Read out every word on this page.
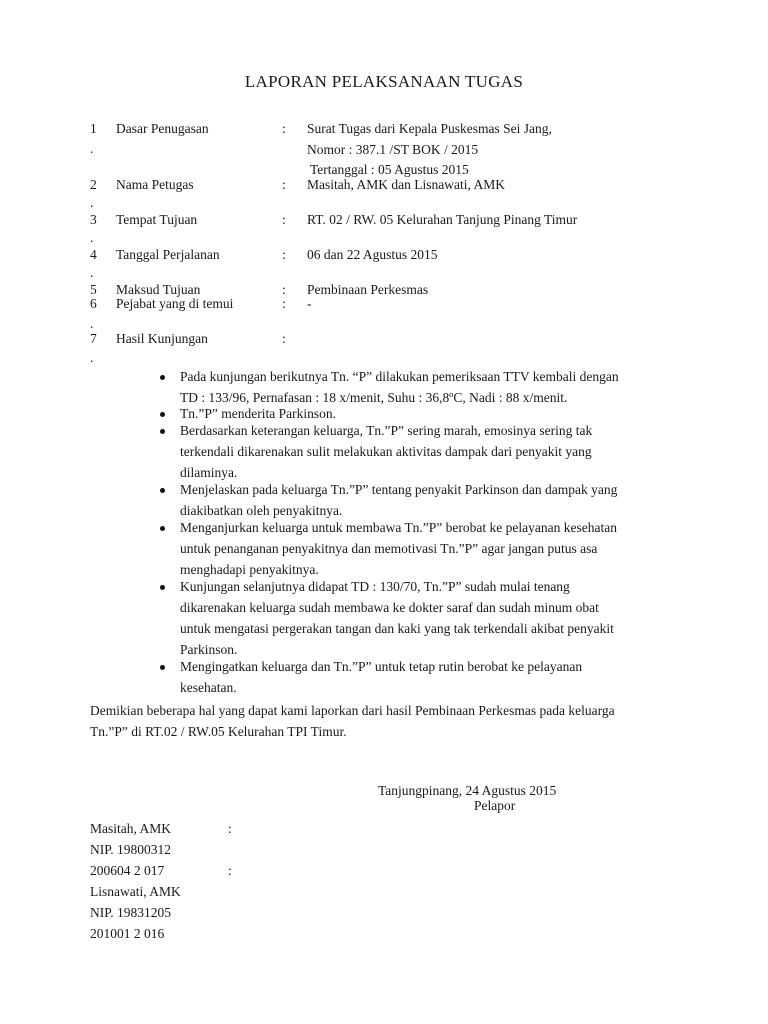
LAPORAN PELAKSANAAN TUGAS
1 Dasar Penugasan	: Surat Tugas dari Kepala Puskesmas Sei Jang,
.	Nomor : 387.1 /ST BOK / 2015
Tertanggal : 05 Agustus 2015
2 Nama Petugas	: Masitah, AMK dan Lisnawati, AMK
.
3 Tempat Tujuan	: RT. 02 / RW. 05 Kelurahan Tanjung Pinang Timur
.
4 Tanggal Perjalanan	: 06 dan 22 Agustus 2015
.
5 Maksud Tujuan	: Pembinaan Perkesmas
6 Pejabat yang di temui	: -
.
7 Hasil Kunjungan	:
.
Pada kunjungan berikutnya Tn. “P” dilakukan pemeriksaan TTV kembali dengan
TD : 133/96, Pernafasan : 18 x/menit, Suhu : 36,8ºC, Nadi : 88 x/menit.
Tn.”P” menderita Parkinson.
Berdasarkan keterangan keluarga, Tn.”P” sering marah, emosinya sering tak
terkendali dikarenakan sulit melakukan aktivitas dampak dari penyakit yang
dilaminya.
Menjelaskan pada keluarga Tn.”P” tentang penyakit Parkinson dan dampak yang
diakibatkan oleh penyakitnya.
Menganjurkan keluarga untuk membawa Tn.”P” berobat ke pelayanan kesehatan
untuk penanganan penyakitnya dan memotivasi Tn.”P” agar jangan putus asa
menghadapi penyakitnya.
Kunjungan selanjutnya didapat TD : 130/70, Tn.”P” sudah mulai tenang
dikarenakan keluarga sudah membawa ke dokter saraf dan sudah minum obat
untuk mengatasi pergerakan tangan dan kaki yang tak terkendali akibat penyakit
Parkinson.
Mengingatkan keluarga dan Tn.”P” untuk tetap rutin berobat ke pelayanan
kesehatan.
Demikian beberapa hal yang dapat kami laporkan dari hasil Pembinaan Perkesmas pada keluarga
Tn.”P” di RT.02 / RW.05 Kelurahan TPI Timur.
Tanjungpinang, 24 Agustus 2015
Pelapor
Masitah, AMK	:
NIP. 19800312
200604 2 017	:
Lisnawati, AMK
NIP. 19831205
201001 2 016
